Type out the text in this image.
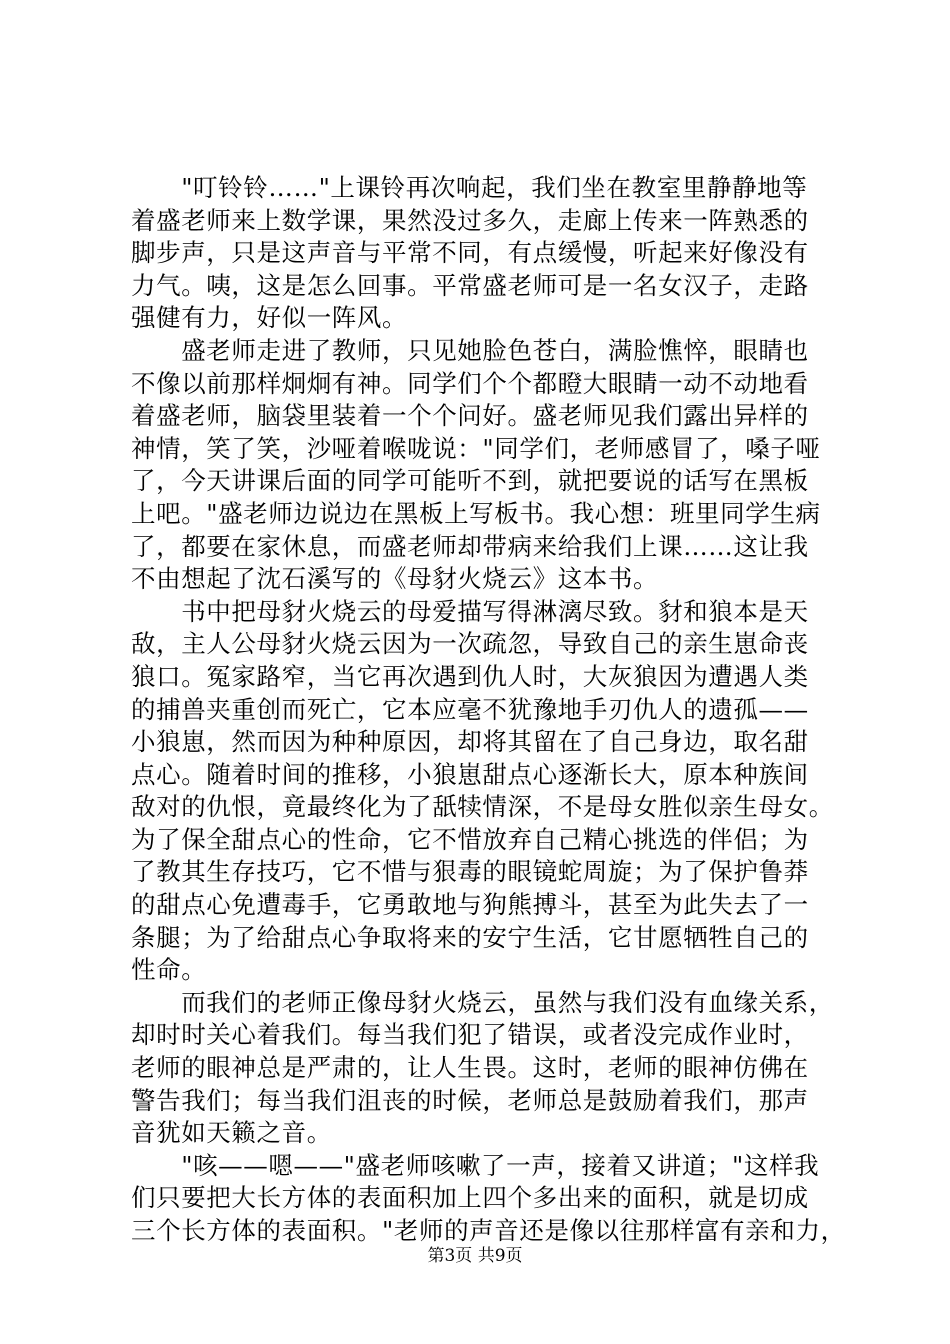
　　"叮铃铃……"上课铃再次响起，我们坐在教室里静静地等
着盛老师来上数学课，果然没过多久，走廊上传来一阵熟悉的
脚步声，只是这声音与平常不同，有点缓慢，听起来好像没有
力气。咦，这是怎么回事。平常盛老师可是一名女汉子，走路
强健有力，好似一阵风。
　　盛老师走进了教师，只见她脸色苍白，满脸憔悴，眼睛也
不像以前那样炯炯有神。同学们个个都瞪大眼睛一动不动地看
着盛老师，脑袋里装着一个个问好。盛老师见我们露出异样的
神情，笑了笑，沙哑着喉咙说："同学们，老师感冒了，嗓子哑
了，今天讲课后面的同学可能听不到，就把要说的话写在黑板
上吧。"盛老师边说边在黑板上写板书。我心想：班里同学生病
了，都要在家休息，而盛老师却带病来给我们上课……这让我
不由想起了沈石溪写的《母豺火烧云》这本书。
　　书中把母豺火烧云的母爱描写得淋漓尽致。豺和狼本是天
敌，主人公母豺火烧云因为一次疏忽，导致自己的亲生崽命丧
狼口。冤家路窄，当它再次遇到仇人时，大灰狼因为遭遇人类
的捕兽夹重创而死亡，它本应毫不犹豫地手刃仇人的遗孤——
小狼崽，然而因为种种原因，却将其留在了自己身边，取名甜
点心。随着时间的推移，小狼崽甜点心逐渐长大，原本种族间
敌对的仇恨，竟最终化为了舐犊情深，不是母女胜似亲生母女。
为了保全甜点心的性命，它不惜放弃自己精心挑选的伴侣；为
了教其生存技巧，它不惜与狠毒的眼镜蛇周旋；为了保护鲁莽
的甜点心免遭毒手，它勇敢地与狗熊搏斗，甚至为此失去了一
条腿；为了给甜点心争取将来的安宁生活，它甘愿牺牲自己的
性命。
　　而我们的老师正像母豺火烧云，虽然与我们没有血缘关系，
却时时关心着我们。每当我们犯了错误，或者没完成作业时，
老师的眼神总是严肃的，让人生畏。这时，老师的眼神仿佛在
警告我们；每当我们沮丧的时候，老师总是鼓励着我们，那声
音犹如天籁之音。
　　"咳——嗯——"盛老师咳嗽了一声，接着又讲道；"这样我
们只要把大长方体的表面积加上四个多出来的面积，就是切成
三个长方体的表面积。"老师的声音还是像以往那样富有亲和力，
第3页 共9页
